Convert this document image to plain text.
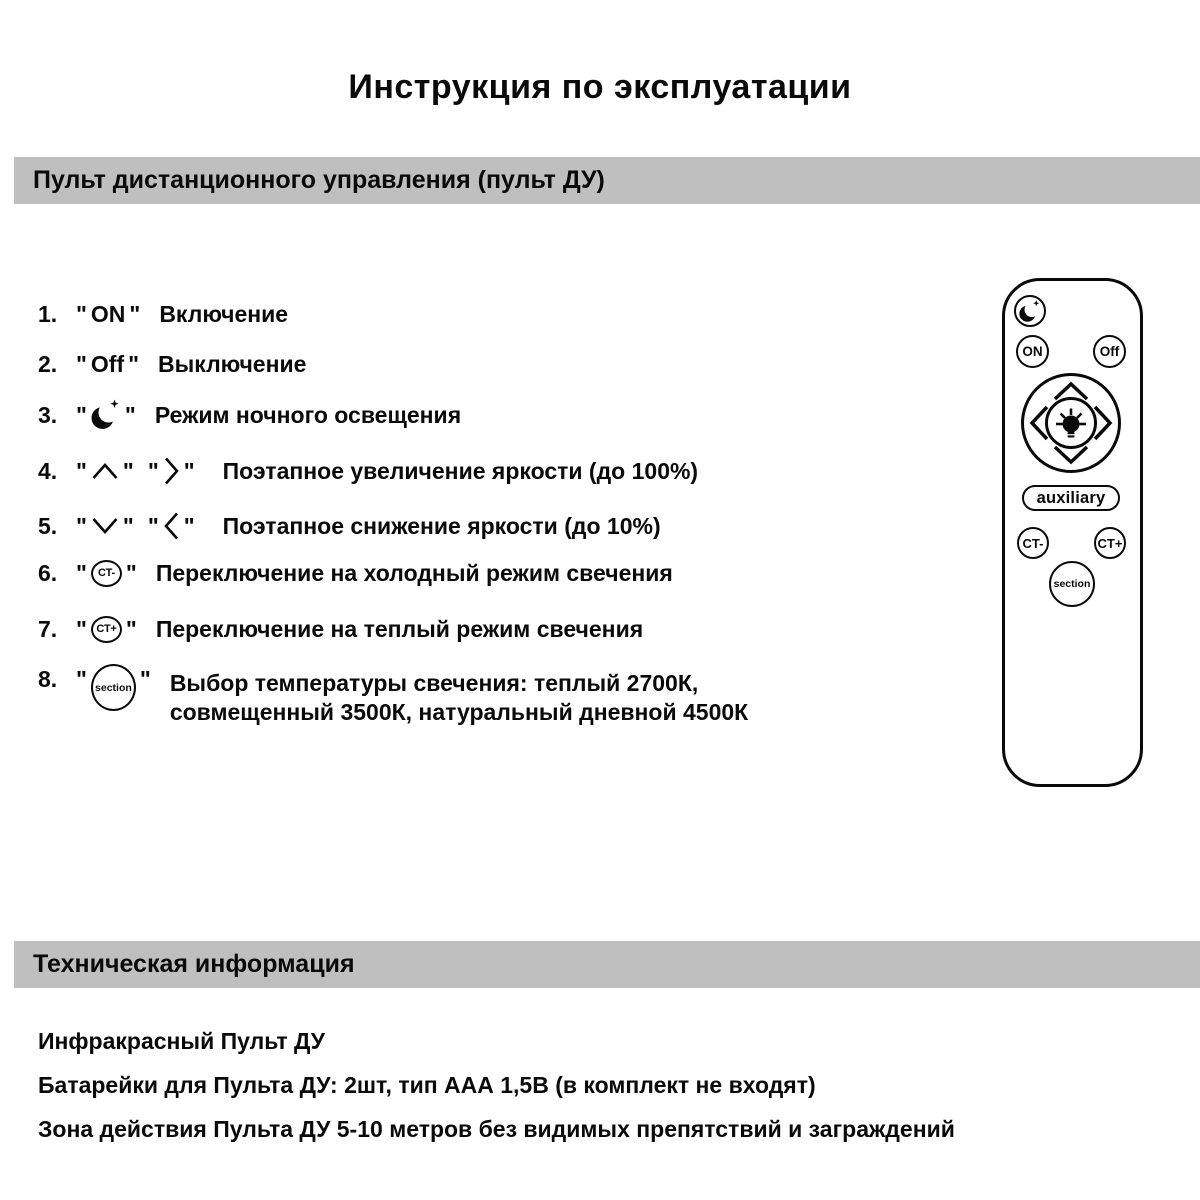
Инструкция по эксплуатации
Пульт дистанционного управления (пульт ДУ)
1. " ON " Включение
2. " Off " Выключение
3. " " Режим ночного освещения
4. " " " " Поэтапное увеличение яркости (до 100%)
5. " " " " Поэтапное снижение яркости (до 10%)
6. "	CT- " Переключение на холодный режим свечения
7. " CT+ " Переключение на теплый режим свечения
8. " section " Выбор температуры свечения: теплый 2700К,
совмещенный 3500К, натуральный дневной 4500К
ON	Off
auxiliary
CT-	CT+
section
Техническая информация

Инфракрасный Пульт ДУ

Батарейки для Пульта ДУ: 2шт, тип ААА 1,5В (в комплект не входят)

Зона действия Пульта ДУ 5-10 метров без видимых препятствий и заграждений
